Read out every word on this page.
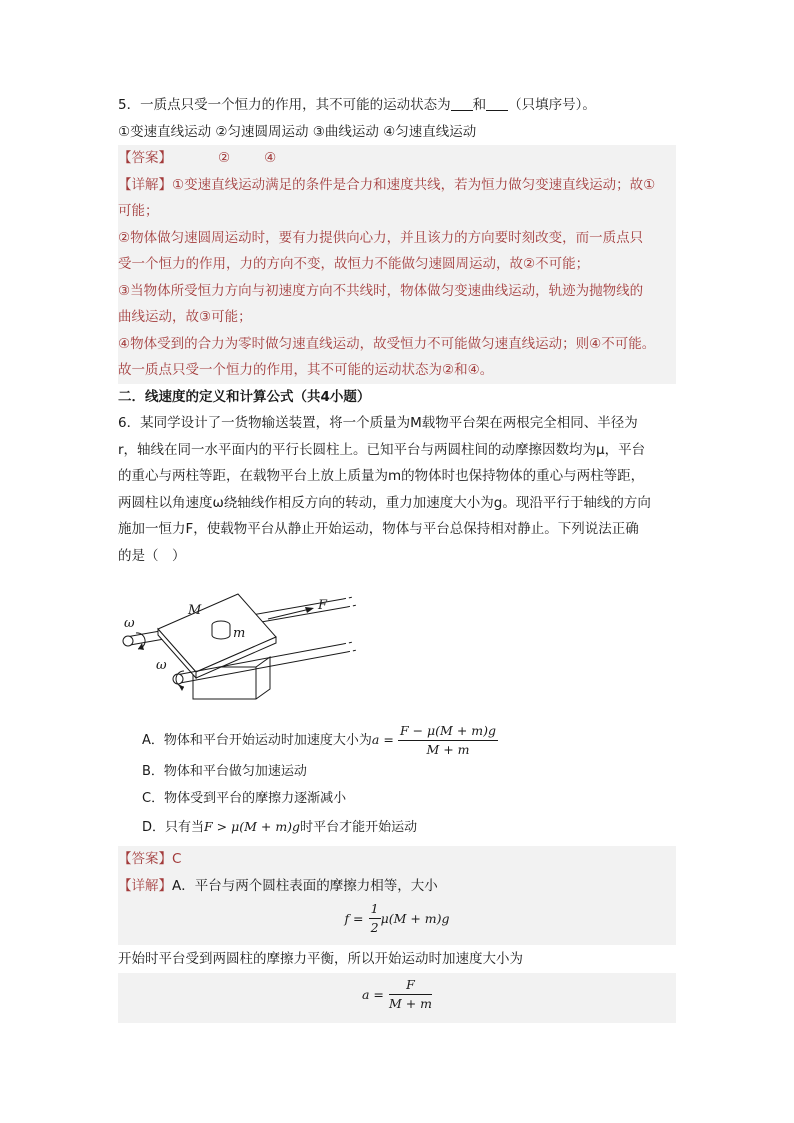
5．一质点只受一个恒力的作用，其不可能的运动状态为 和 （只填序号）。
①变速直线运动 ②匀速圆周运动 ③曲线运动 ④匀速直线运动
【答案】	②	④
【详解】①变速直线运动满足的条件是合力和速度共线，若为恒力做匀变速直线运动；故①
可能；
②物体做匀速圆周运动时，要有力提供向心力，并且该力的方向要时刻改变，而一质点只
受一个恒力的作用，力的方向不变，故恒力不能做匀速圆周运动，故②不可能；
③当物体所受恒力方向与初速度方向不共线时，物体做匀变速曲线运动，轨迹为抛物线的
曲线运动，故③可能；
④物体受到的合力为零时做匀速直线运动，故受恒力不可能做匀速直线运动；则④不可能。
故一质点只受一个恒力的作用，其不可能的运动状态为②和④。
二．线速度的定义和计算公式（共4小题）
6．某同学设计了一货物输送装置，将一个质量为M载物平台架在两根完全相同、半径为
r，轴线在同一水平面内的平行长圆柱上。已知平台与两圆柱间的动摩擦因数均为μ，平台
的重心与两柱等距，在载物平台上放上质量为m的物体时也保持物体的重心与两柱等距，
两圆柱以角速度ω绕轴线作相反方向的转动，重力加速度大小为g。现沿平行于轴线的方向
施加一恒力F，使载物平台从静止开始运动，物体与平台总保持相对静止。下列说法正确
的是（　）
M
m
F
ω
ω
A．物体和平台开始运动时加速度大小为$a = \frac{F - \mu(M + m)g}{M + m}$
B．物体和平台做匀加速运动
C．物体受到平台的摩擦力逐渐减小
D．只有当F > μ(M + m)g时平台才能开始运动
【答案】C
【详解】A．平台与两个圆柱表面的摩擦力相等，大小
$f = \frac{1}{2} \mu(M + m)g$
开始时平台受到两圆柱的摩擦力平衡，所以开始运动时加速度大小为
$a = \frac{F}{M + m}$
